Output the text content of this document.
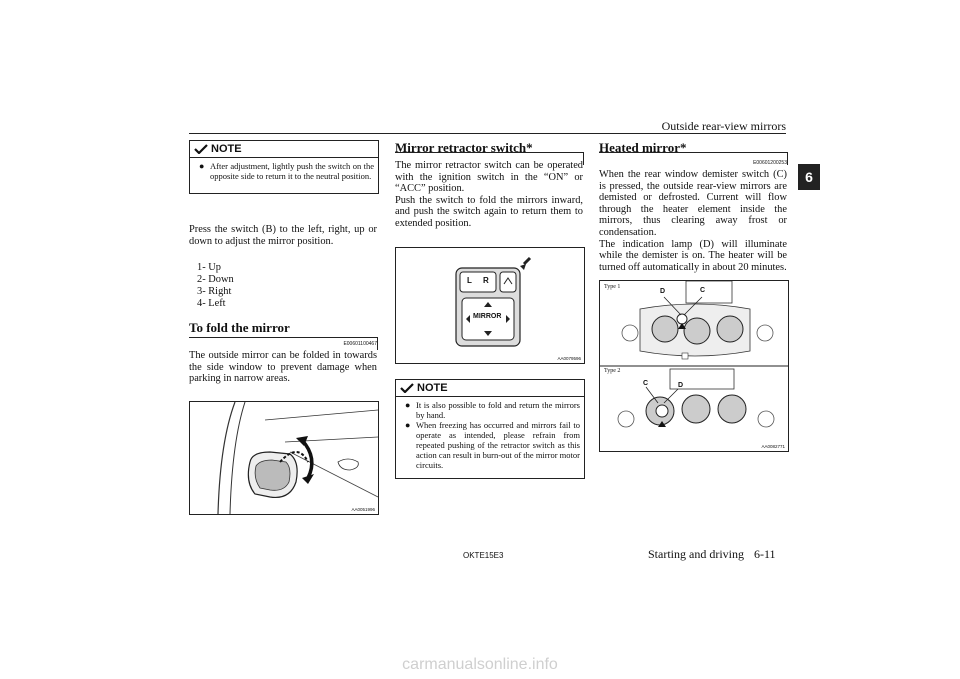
Outside rear-view mirrors
6
NOTE
● After adjustment, lightly push the switch on the opposite side to return it to the neutral position.
Press the switch (B) to the left, right, up or down to adjust the mirror position.
1- Up
2- Down
3- Right
4- Left
To fold the mirror
E00601100467
The outside mirror can be folded in towards the side window to prevent damage when parking in narrow areas.
AA0051996
Mirror retractor switch*
The mirror retractor switch can be operated with the ignition switch in the “ON” or “ACC” position.
Push the switch to fold the mirrors inward, and push the switch again to return them to extended position.
L R
MIRROR
AA0079596
NOTE
● It is also possible to fold and return the mirrors by hand.
● When freezing has occurred and mirrors fail to operate as intended, please refrain from repeated pushing of the retractor switch as this action can result in burn-out of the mirror motor circuits.
Heated mirror*
E00601200253
When the rear window demister switch (C) is pressed, the outside rear-view mirrors are demisted or defrosted. Current will flow through the heater element inside the mirrors, thus clearing away frost or condensation.
The indication lamp (D) will illuminate while the demister is on. The heater will be turned off automatically in about 20 minutes.
Type 1
Type 2
D	C
C	D
AA0082771
OKTE15E3	Starting and driving 6-11
carmanualsonline.info
